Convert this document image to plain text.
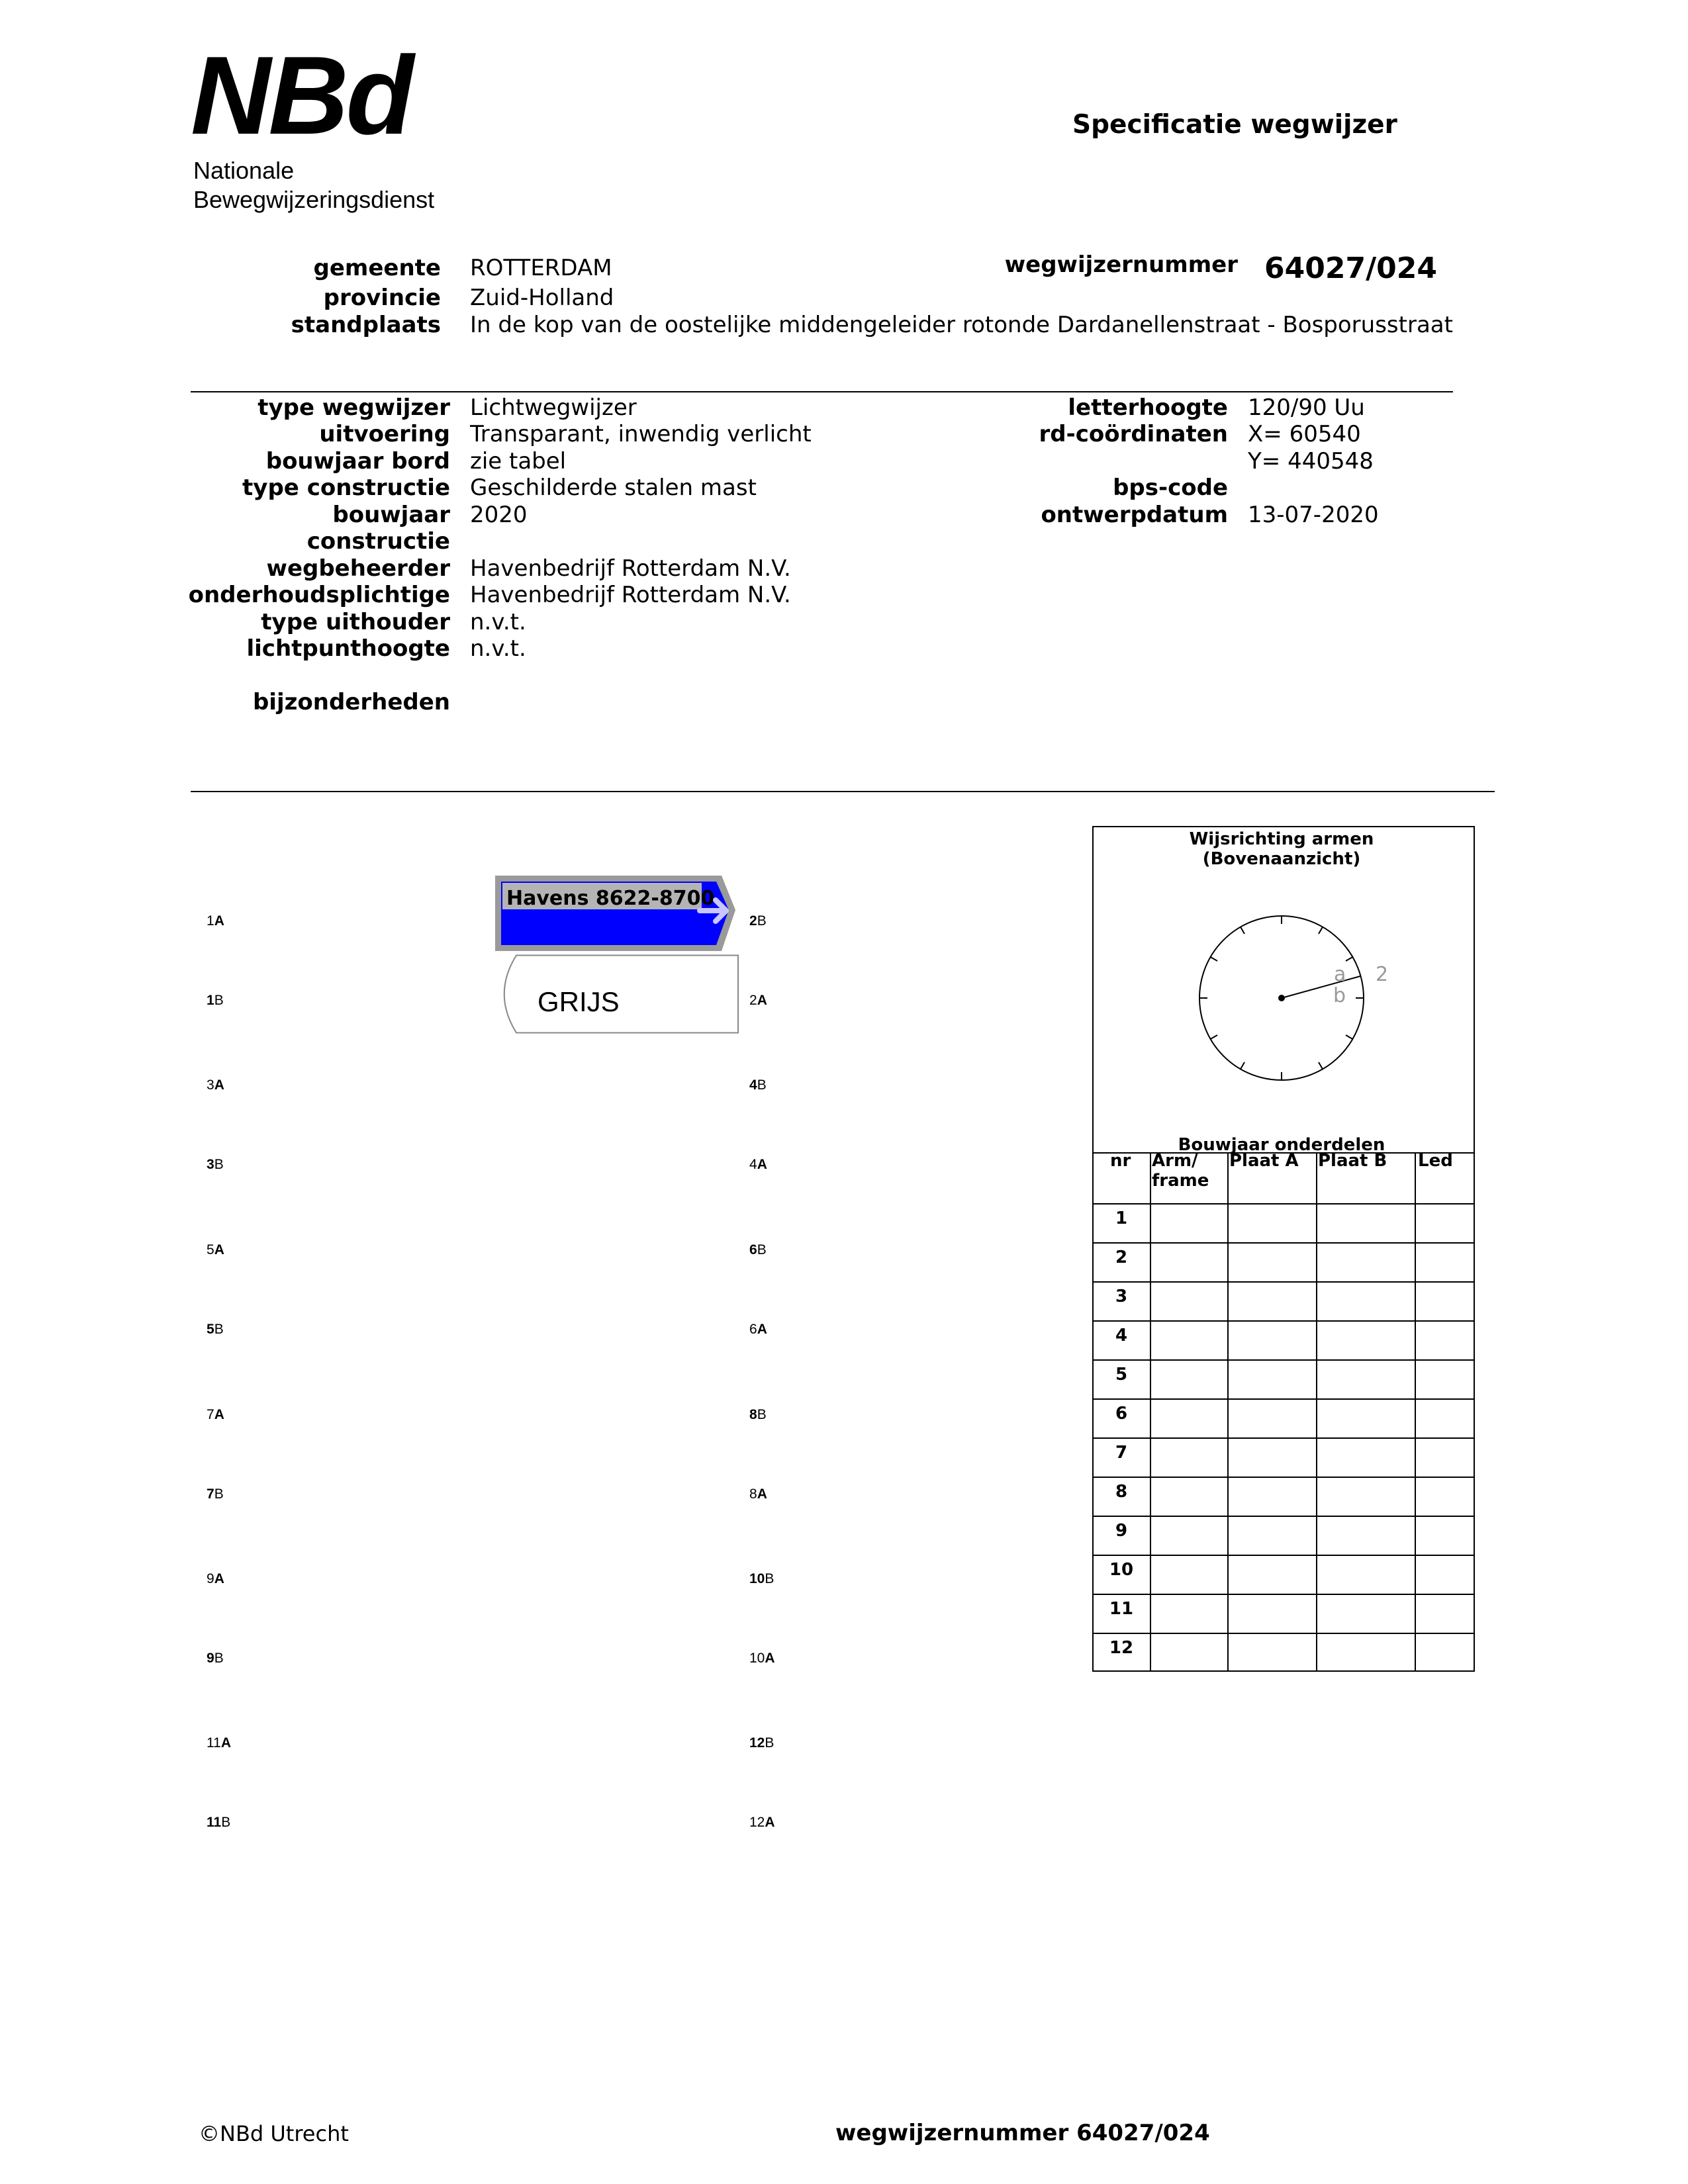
NBd
Nationale
Bewegwijzeringsdienst
Specificatie wegwijzer
gemeente ROTTERDAM
provincie Zuid-Holland
standplaats In de kop van de oostelijke middengeleider rotonde Dardanellenstraat - Bosporusstraat
wegwijzernummer 64027/024
type wegwijzer Lichtwegwijzer
uitvoering Transparant, inwendig verlicht
bouwjaar bord zie tabel
type constructie Geschilderde stalen mast
bouwjaar
constructie
2020
wegbeheerder Havenbedrijf Rotterdam N.V.
onderhoudsplichtige Havenbedrijf Rotterdam N.V.
type uithouder n.v.t.
lichtpunthoogte n.v.t.
bijzonderheden
letterhoogte 120/90 Uu
rd-coördinaten X= 60540
Y= 440548
bps-code
ontwerpdatum 13-07-2020
1A
1B
3A
3B
5A
5B
7A
7B
9A
9B
11A
11B
2B
2A
4B
4A
6B
6A
8B
8A
10B
10A
12B
12A
Havens 8622-8700
GRIJS
Wijsrichting armen
(Bovenaanzicht)
a
b
2
Bouwjaar onderdelen
nr Arm/
frame
Plaat A Plaat B Led
1
2
3
4
5
6
7
8
9
10
11
12
©NBd Utrecht	wegwijzernummer 64027/024
